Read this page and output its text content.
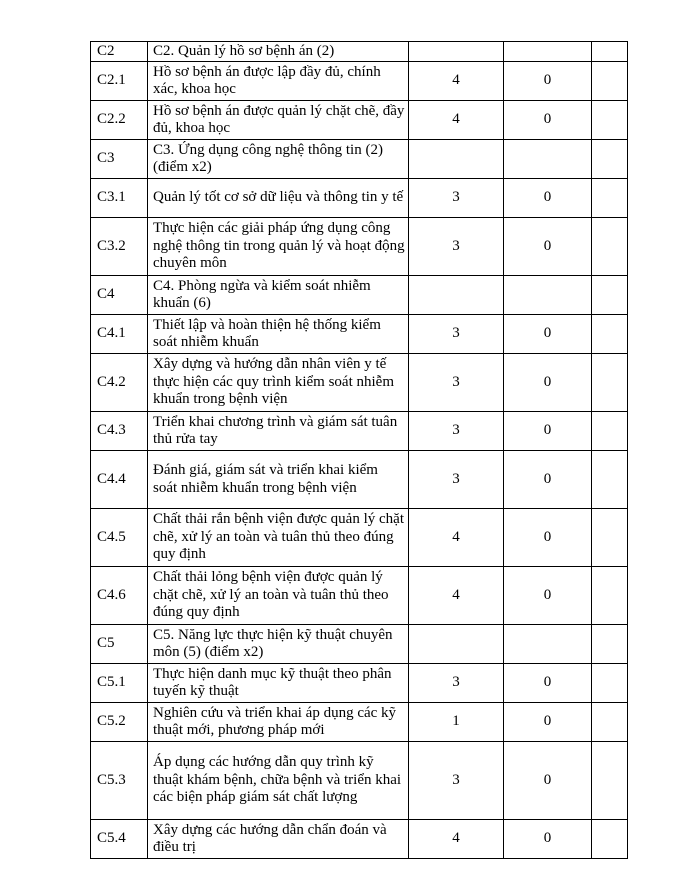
C2	C2. Quản lý hồ sơ bệnh án (2)			
C2.1	Hồ sơ bệnh án được lập đầy đủ, chính xác, khoa học	4	0	
C2.2	Hồ sơ bệnh án được quản lý chặt chẽ, đầy đủ, khoa học	4	0	
C3	C3. Ứng dụng công nghệ thông tin (2) (điểm x2)			
C3.1	Quản lý tốt cơ sở dữ liệu và thông tin y tế	3	0	
C3.2	Thực hiện các giải pháp ứng dụng công nghệ thông tin trong quản lý và hoạt động chuyên môn	3	0	
C4	C4. Phòng ngừa và kiểm soát nhiễm khuẩn (6)			
C4.1	Thiết lập và hoàn thiện hệ thống kiểm soát nhiễm khuẩn	3	0	
C4.2	Xây dựng và hướng dẫn nhân viên y tế thực hiện các quy trình kiểm soát nhiễm khuẩn trong bệnh viện	3	0	
C4.3	Triển khai chương trình và giám sát tuân thủ rửa tay	3	0	
C4.4	Đánh giá, giám sát và triển khai kiểm soát nhiễm khuẩn trong bệnh viện	3	0	
C4.5	Chất thải rắn bệnh viện được quản lý chặt chẽ, xử lý an toàn và tuân thủ theo đúng quy định	4	0	
C4.6	Chất thải lỏng bệnh viện được quản lý chặt chẽ, xử lý an toàn và tuân thủ theo đúng quy định	4	0	
C5	C5. Năng lực thực hiện kỹ thuật chuyên môn (5) (điểm x2)			
C5.1	Thực hiện danh mục kỹ thuật theo phân tuyến kỹ thuật	3	0	
C5.2	Nghiên cứu và triển khai áp dụng các kỹ thuật mới, phương pháp mới	1	0	
C5.3	Áp dụng các hướng dẫn quy trình kỹ thuật khám bệnh, chữa bệnh và triển khai các biện pháp giám sát chất lượng	3	0	
C5.4	Xây dựng các hướng dẫn chẩn đoán và điều trị	4	0	
